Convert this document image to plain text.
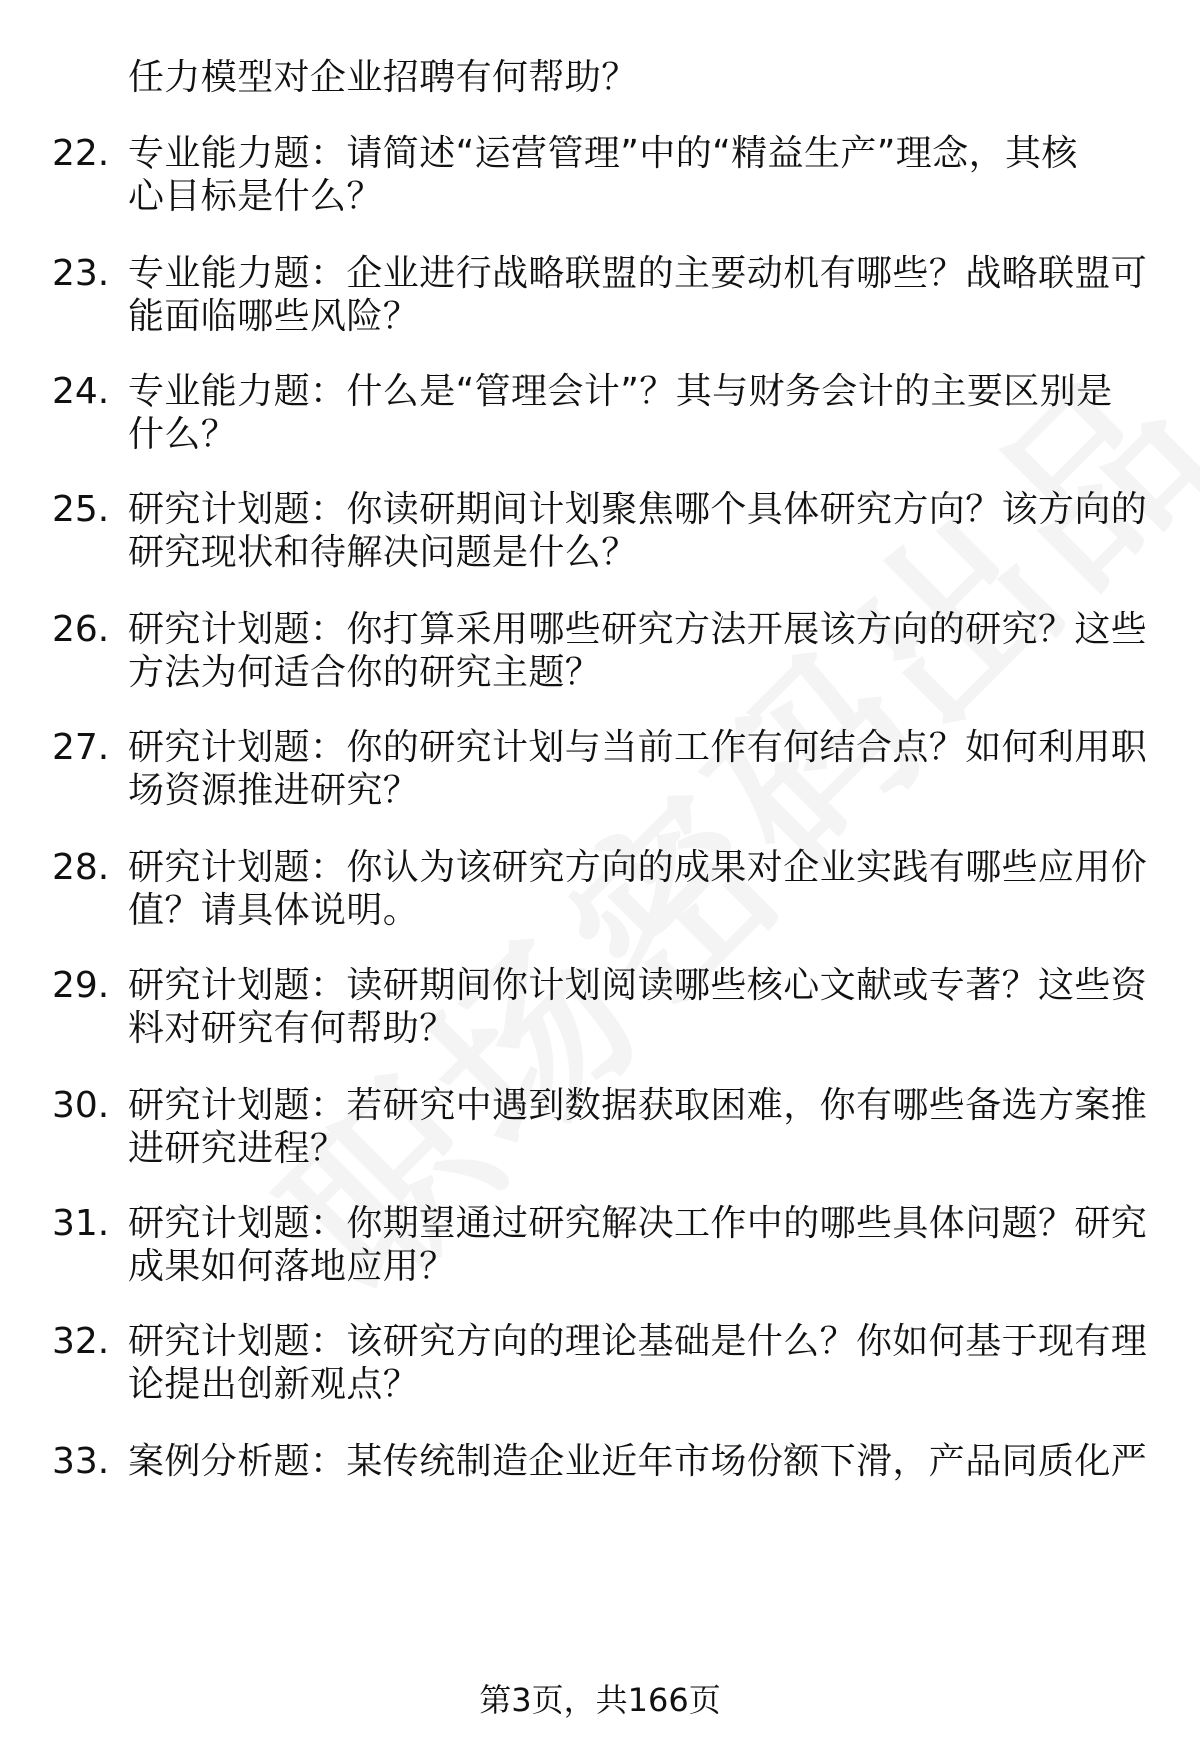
任力模型对企业招聘有何帮助？
22. 专业能力题：请简述“运营管理”中的“精益生产”理念，其核
心目标是什么？
23. 专业能力题：企业进行战略联盟的主要动机有哪些？战略联盟可
能面临哪些风险？
24. 专业能力题：什么是“管理会计”？其与财务会计的主要区别是
什么？
25. 研究计划题：你读研期间计划聚焦哪个具体研究方向？该方向的
研究现状和待解决问题是什么？
26. 研究计划题：你打算采用哪些研究方法开展该方向的研究？这些
方法为何适合你的研究主题？
27. 研究计划题：你的研究计划与当前工作有何结合点？如何利用职
场资源推进研究？
28. 研究计划题：你认为该研究方向的成果对企业实践有哪些应用价
值？请具体说明。
29. 研究计划题：读研期间你计划阅读哪些核心文献或专著？这些资
料对研究有何帮助？
30. 研究计划题：若研究中遇到数据获取困难，你有哪些备选方案推
进研究进程？
31. 研究计划题：你期望通过研究解决工作中的哪些具体问题？研究
成果如何落地应用？
32. 研究计划题：该研究方向的理论基础是什么？你如何基于现有理
论提出创新观点？
33. 案例分析题：某传统制造企业近年市场份额下滑，产品同质化严
第3页，共166页
